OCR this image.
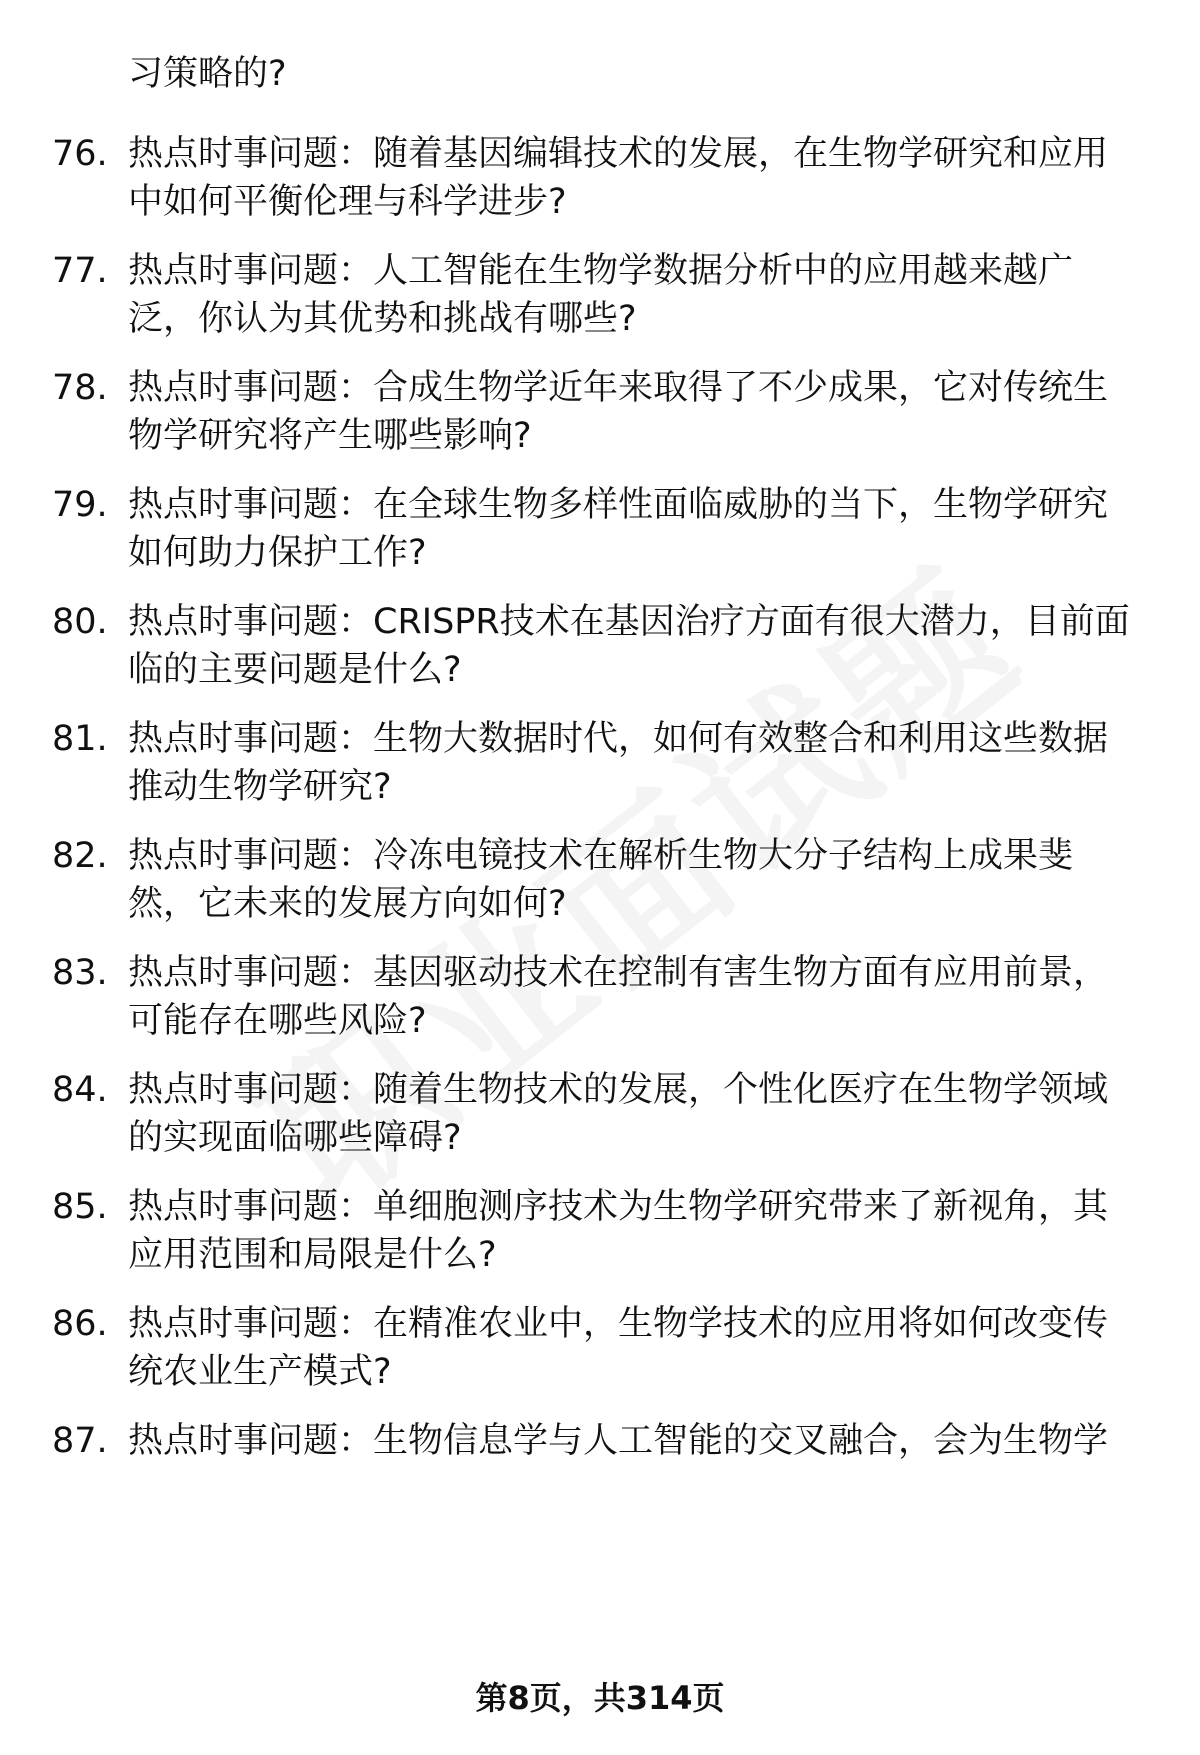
习策略的?
76. 热点时事问题：随着基因编辑技术的发展，在生物学研究和应用
中如何平衡伦理与科学进步?
77. 热点时事问题：人工智能在生物学数据分析中的应用越来越广
泛，你认为其优势和挑战有哪些?
78. 热点时事问题：合成生物学近年来取得了不少成果，它对传统生
物学研究将产生哪些影响?
79. 热点时事问题：在全球生物多样性面临威胁的当下，生物学研究
如何助力保护工作?
80. 热点时事问题：CRISPR技术在基因治疗方面有很大潜力，目前面
临的主要问题是什么?
81. 热点时事问题：生物大数据时代，如何有效整合和利用这些数据
推动生物学研究?
82. 热点时事问题：冷冻电镜技术在解析生物大分子结构上成果斐
然，它未来的发展方向如何?
83. 热点时事问题：基因驱动技术在控制有害生物方面有应用前景，
可能存在哪些风险?
84. 热点时事问题：随着生物技术的发展，个性化医疗在生物学领域
的实现面临哪些障碍?
85. 热点时事问题：单细胞测序技术为生物学研究带来了新视角，其
应用范围和局限是什么?
86. 热点时事问题：在精准农业中，生物学技术的应用将如何改变传
统农业生产模式?
87. 热点时事问题：生物信息学与人工智能的交叉融合，会为生物学
第8页，共314页
